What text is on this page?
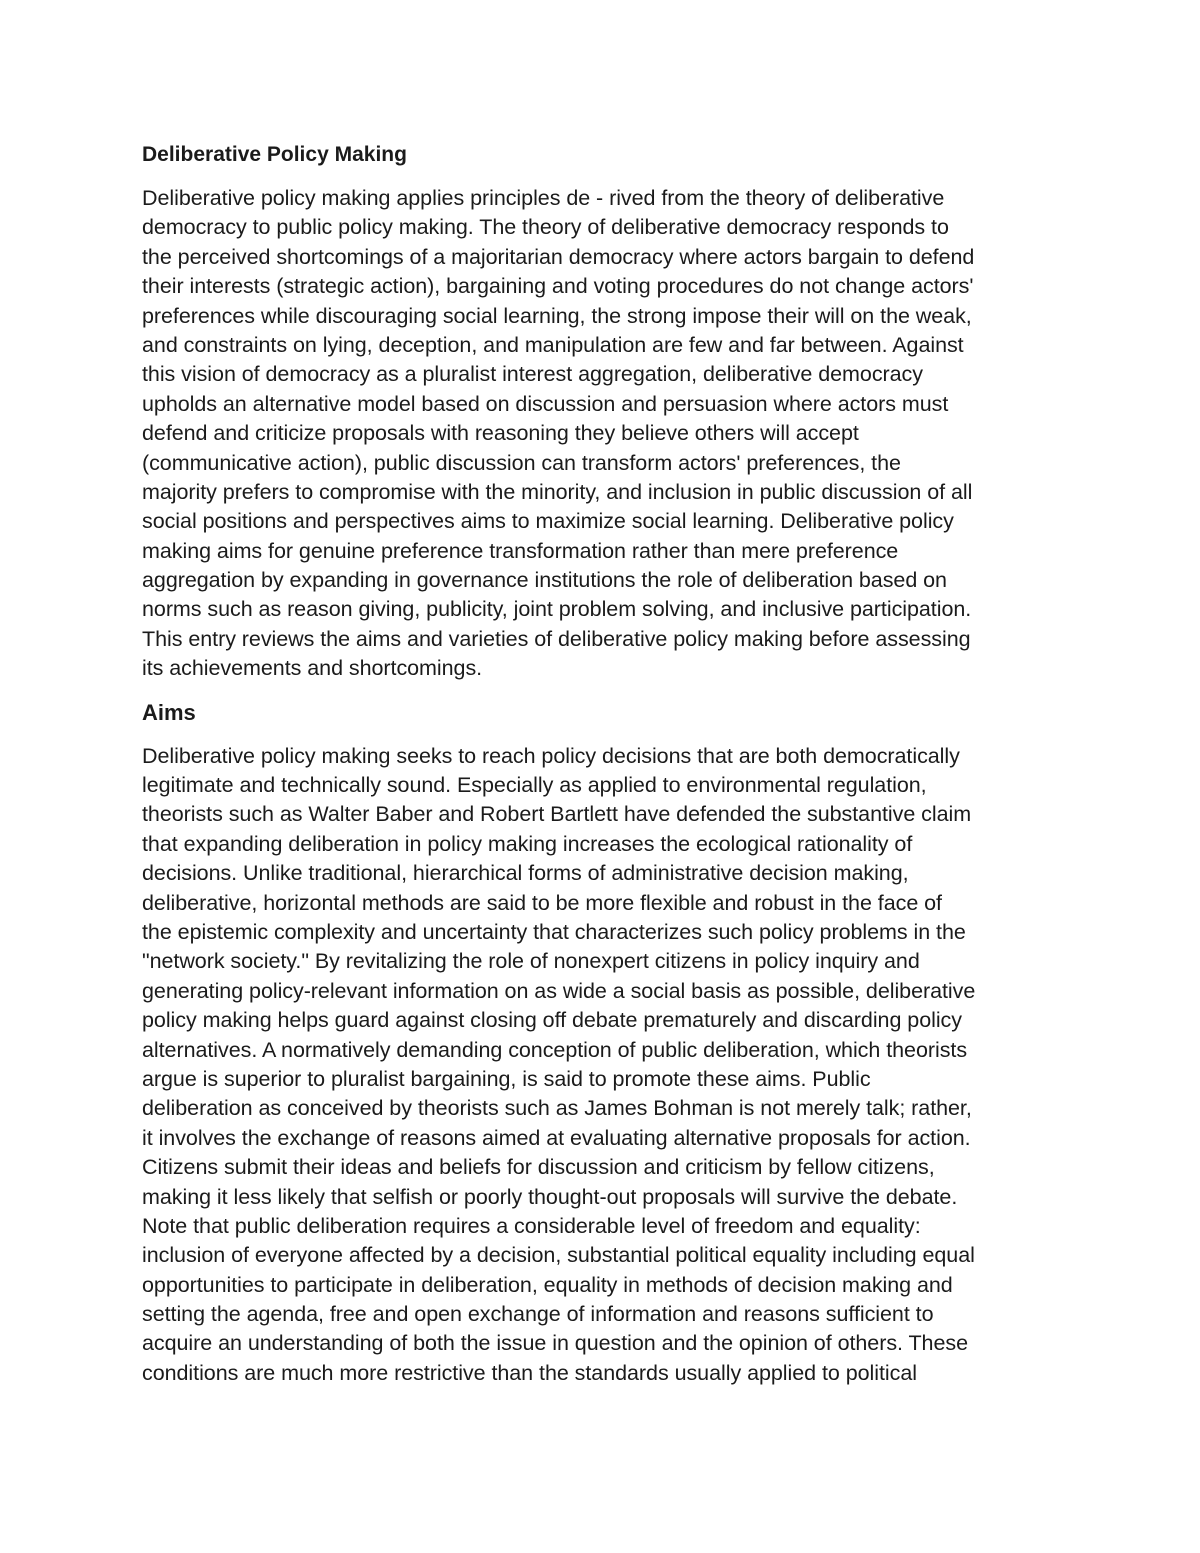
Deliberative Policy Making
Deliberative policy making applies principles de - rived from the theory of deliberative
democracy to public policy making. The theory of deliberative democracy responds to
the perceived shortcomings of a majoritarian democracy where actors bargain to defend
their interests (strategic action), bargaining and voting procedures do not change actors'
preferences while discouraging social learning, the strong impose their will on the weak,
and constraints on lying, deception, and manipulation are few and far between. Against
this vision of democracy as a pluralist interest aggregation, deliberative democracy
upholds an alternative model based on discussion and persuasion where actors must
defend and criticize proposals with reasoning they believe others will accept
(communicative action), public discussion can transform actors' preferences, the
majority prefers to compromise with the minority, and inclusion in public discussion of all
social positions and perspectives aims to maximize social learning. Deliberative policy
making aims for genuine preference transformation rather than mere preference
aggregation by expanding in governance institutions the role of deliberation based on
norms such as reason giving, publicity, joint problem solving, and inclusive participation.
This entry reviews the aims and varieties of deliberative policy making before assessing
its achievements and shortcomings.
Aims
Deliberative policy making seeks to reach policy decisions that are both democratically
legitimate and technically sound. Especially as applied to environmental regulation,
theorists such as Walter Baber and Robert Bartlett have defended the substantive claim
that expanding deliberation in policy making increases the ecological rationality of
decisions. Unlike traditional, hierarchical forms of administrative decision making,
deliberative, horizontal methods are said to be more flexible and robust in the face of
the epistemic complexity and uncertainty that characterizes such policy problems in the
"network society." By revitalizing the role of nonexpert citizens in policy inquiry and
generating policy-relevant information on as wide a social basis as possible, deliberative
policy making helps guard against closing off debate prematurely and discarding policy
alternatives. A normatively demanding conception of public deliberation, which theorists
argue is superior to pluralist bargaining, is said to promote these aims. Public
deliberation as conceived by theorists such as James Bohman is not merely talk; rather,
it involves the exchange of reasons aimed at evaluating alternative proposals for action.
Citizens submit their ideas and beliefs for discussion and criticism by fellow citizens,
making it less likely that selfish or poorly thought-out proposals will survive the debate.
Note that public deliberation requires a considerable level of freedom and equality:
inclusion of everyone affected by a decision, substantial political equality including equal
opportunities to participate in deliberation, equality in methods of decision making and
setting the agenda, free and open exchange of information and reasons sufficient to
acquire an understanding of both the issue in question and the opinion of others. These
conditions are much more restrictive than the standards usually applied to political
